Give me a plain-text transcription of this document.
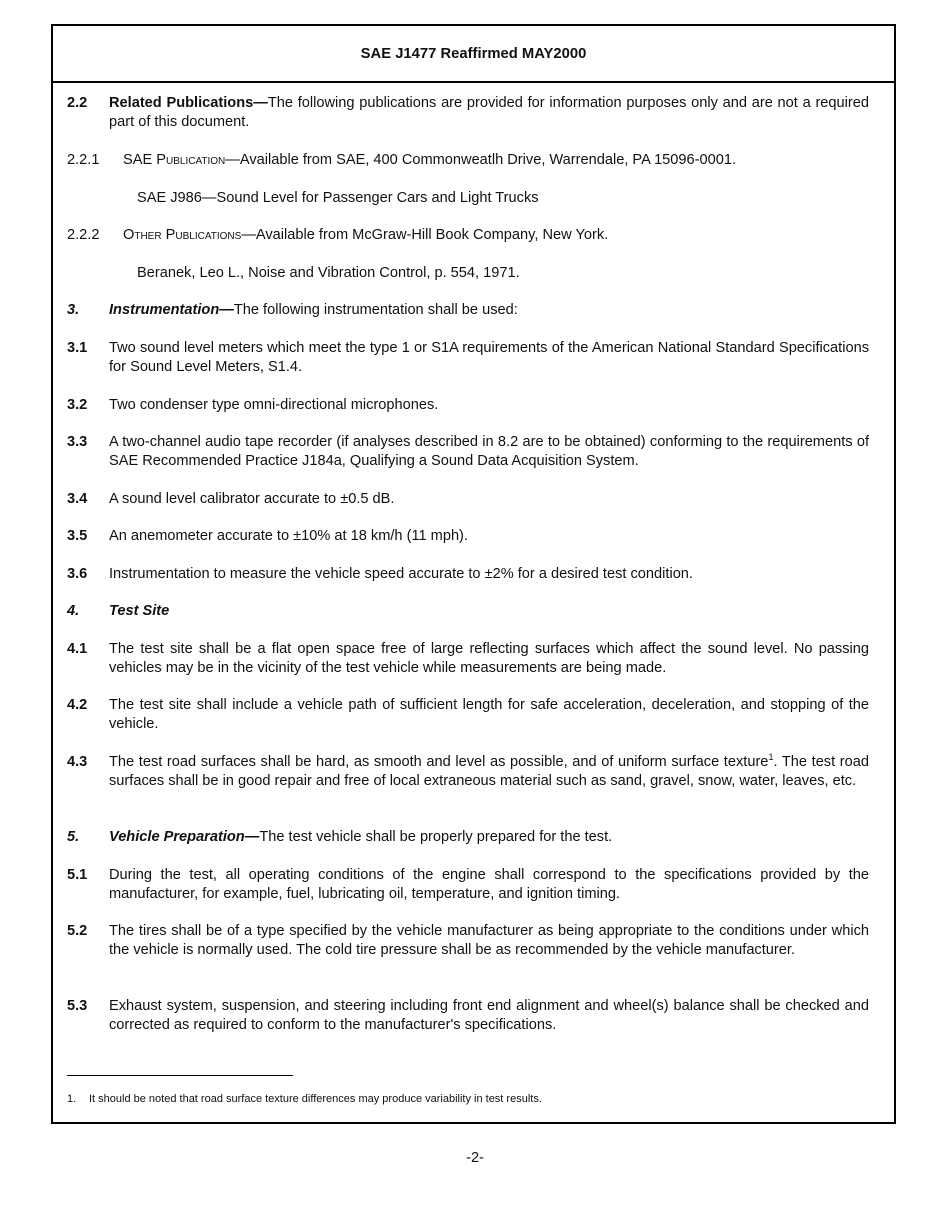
SAE J1477 Reaffirmed MAY2000
2.2 Related Publications—The following publications are provided for information purposes only and are not a required part of this document.
2.2.1 SAE Publication—Available from SAE, 400 Commonweatlh Drive, Warrendale, PA 15096-0001.
SAE J986—Sound Level for Passenger Cars and Light Trucks
2.2.2 Other Publications—Available from McGraw-Hill Book Company, New York.
Beranek, Leo L., Noise and Vibration Control, p. 554, 1971.
3. Instrumentation—The following instrumentation shall be used:
3.1 Two sound level meters which meet the type 1 or S1A requirements of the American National Standard Specifications for Sound Level Meters, S1.4.
3.2 Two condenser type omni-directional microphones.
3.3 A two-channel audio tape recorder (if analyses described in 8.2 are to be obtained) conforming to the requirements of SAE Recommended Practice J184a, Qualifying a Sound Data Acquisition System.
3.4 A sound level calibrator accurate to ±0.5 dB.
3.5 An anemometer accurate to ±10% at 18 km/h (11 mph).
3.6 Instrumentation to measure the vehicle speed accurate to ±2% for a desired test condition.
4. Test Site
4.1 The test site shall be a flat open space free of large reflecting surfaces which affect the sound level. No passing vehicles may be in the vicinity of the test vehicle while measurements are being made.
4.2 The test site shall include a vehicle path of sufficient length for safe acceleration, deceleration, and stopping of the vehicle.
4.3 The test road surfaces shall be hard, as smooth and level as possible, and of uniform surface texture$^1$. The test road surfaces shall be in good repair and free of local extraneous material such as sand, gravel, snow, water, leaves, etc.
5. Vehicle Preparation—The test vehicle shall be properly prepared for the test.
5.1 During the test, all operating conditions of the engine shall correspond to the specifications provided by the manufacturer, for example, fuel, lubricating oil, temperature, and ignition timing.
5.2 The tires shall be of a type specified by the vehicle manufacturer as being appropriate to the conditions under which the vehicle is normally used. The cold tire pressure shall be as recommended by the vehicle manufacturer.
5.3 Exhaust system, suspension, and steering including front end alignment and wheel(s) balance shall be checked and corrected as required to conform to the manufacturer's specifications.
1. It should be noted that road surface texture differences may produce variability in test results.
-2-
